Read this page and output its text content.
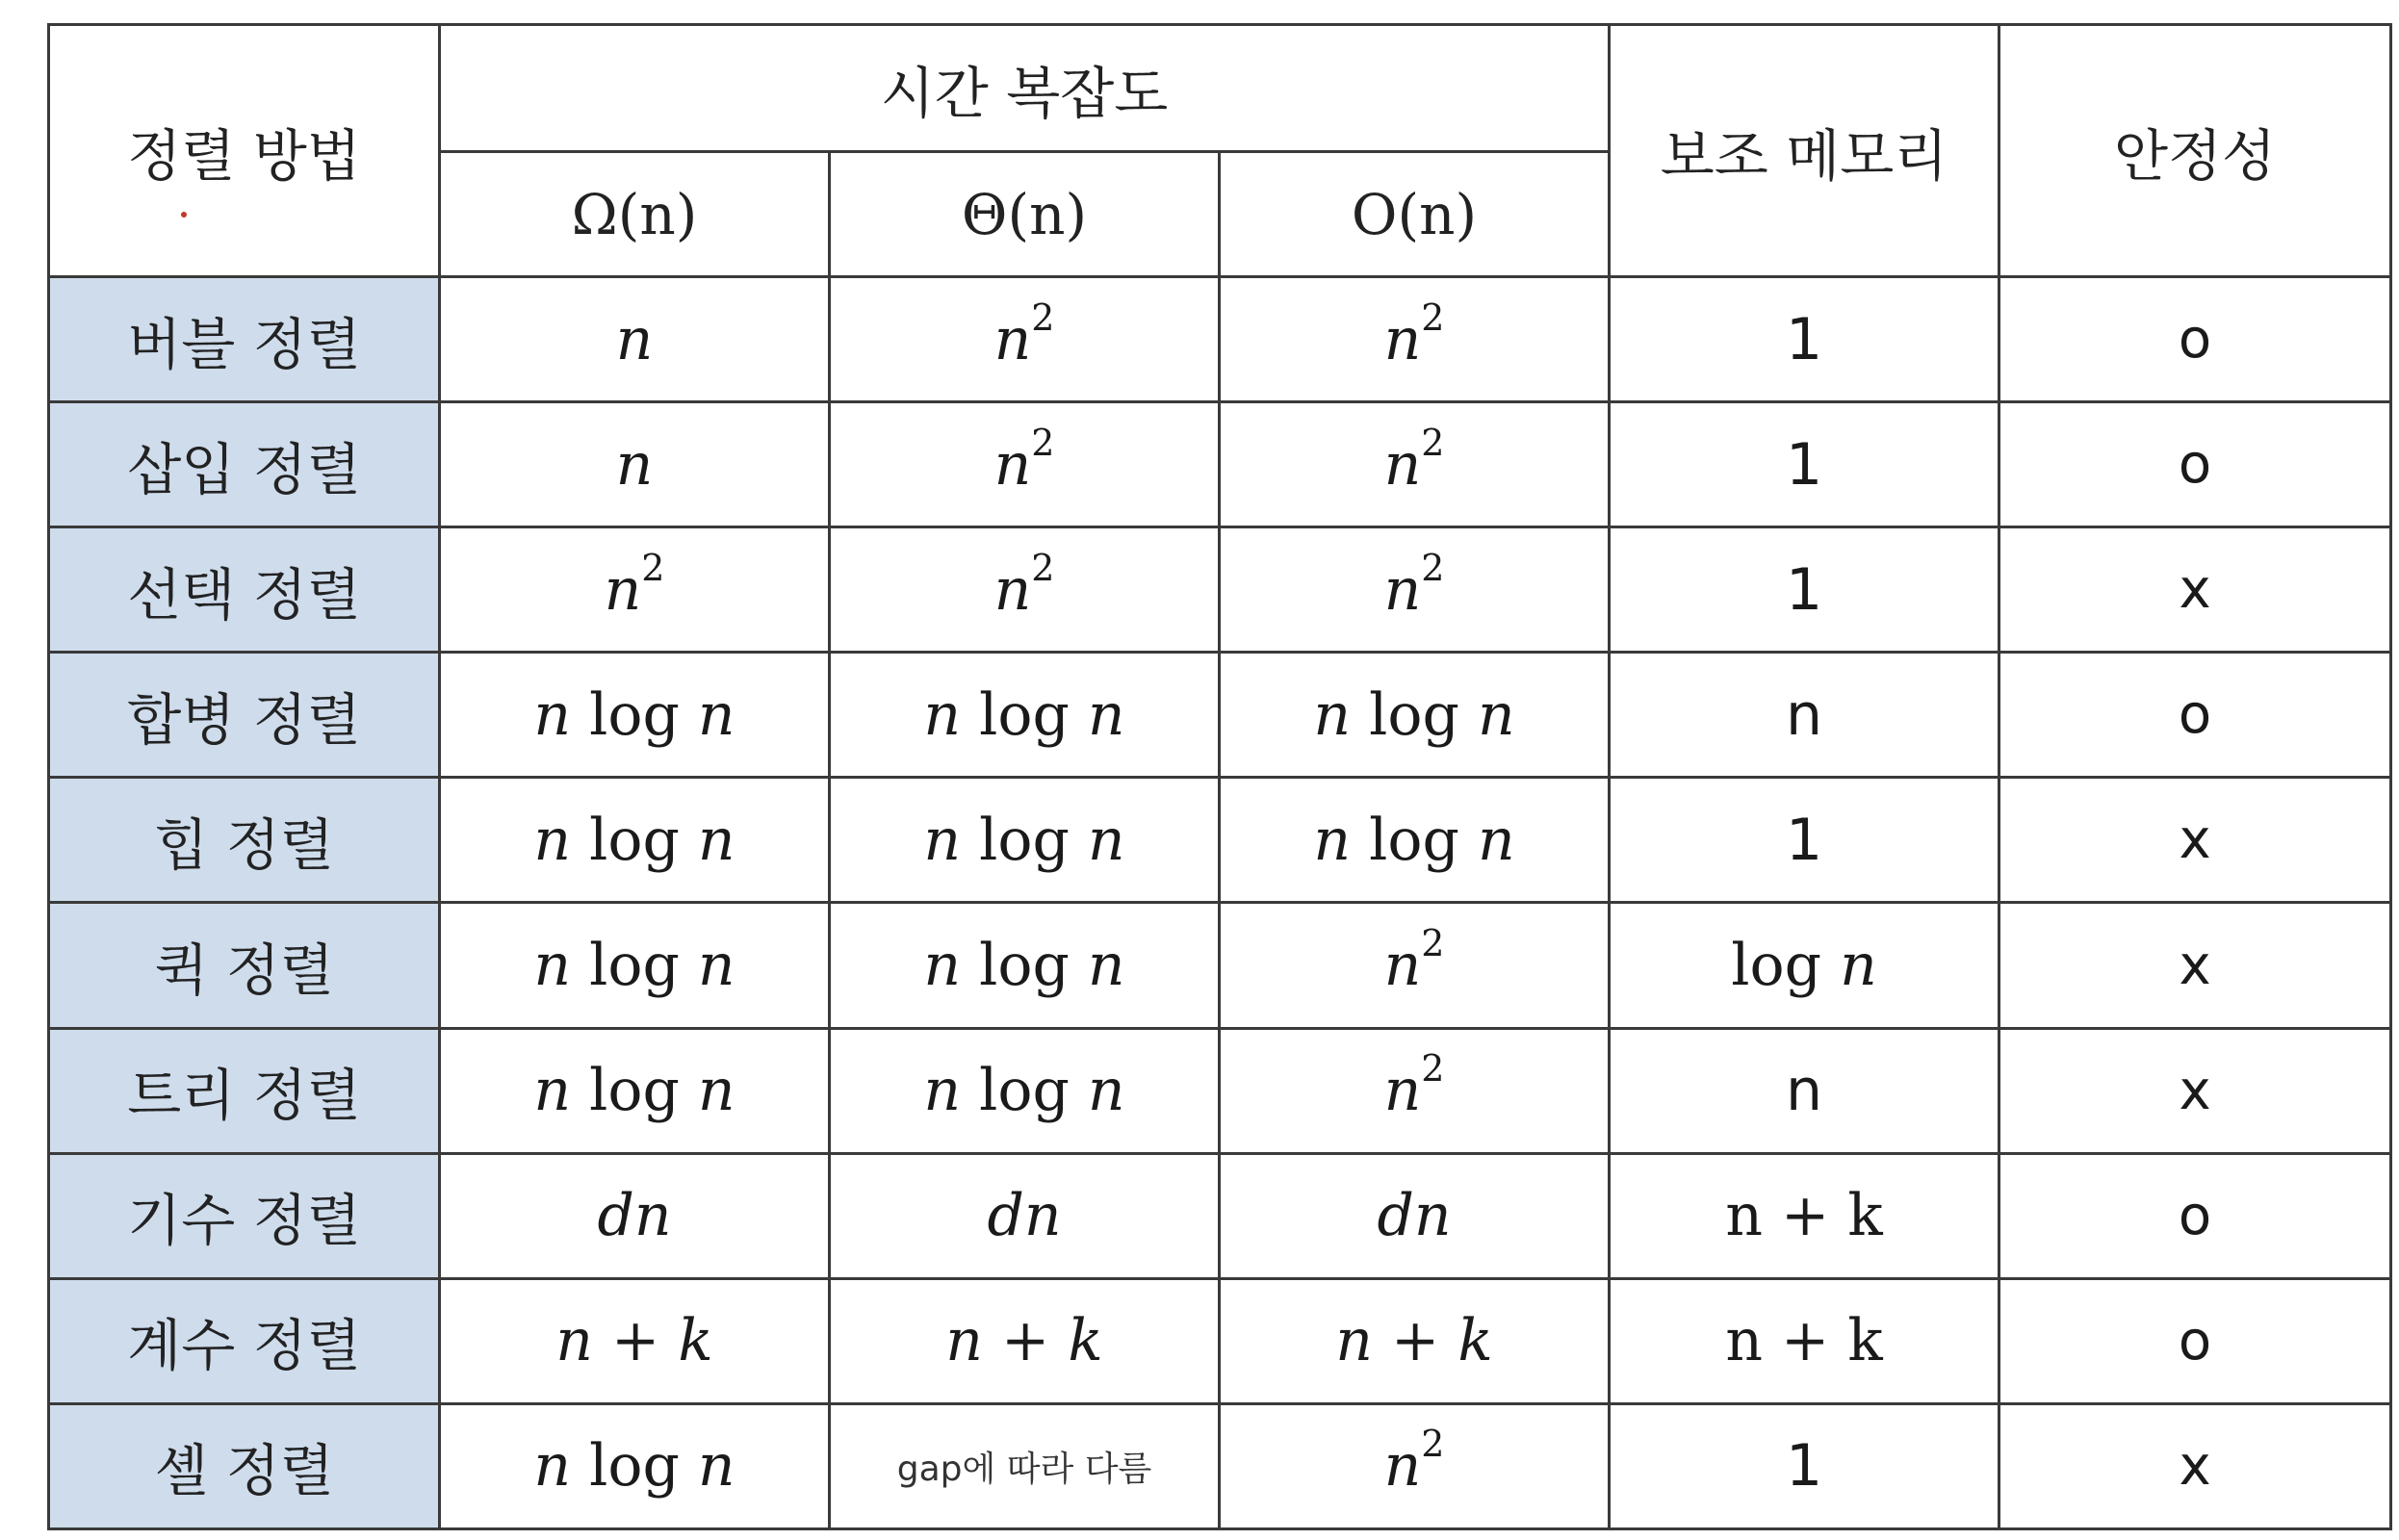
정렬 방법	시간 복잡도			보조 메모리	안정성
	Ω(n)	Θ(n)	O(n)		
버블 정렬	n	$n^2$	$n^2$	1	o
삽입 정렬	n	$n^2$	$n^2$	1	o
선택 정렬	$n^2$	$n^2$	$n^2$	1	x
합병 정렬	n log n	n log n	n log n	n	o
힙 정렬	n log n	n log n	n log n	1	x
퀵 정렬	n log n	n log n	$n^2$	log n	x
트리 정렬	n log n	n log n	$n^2$	n	x
기수 정렬	dn	dn	dn	n + k	o
계수 정렬	n + k	n + k	n + k	n + k	o
셸 정렬	n log n	gap에 따라 다름	$n^2$	1	x
